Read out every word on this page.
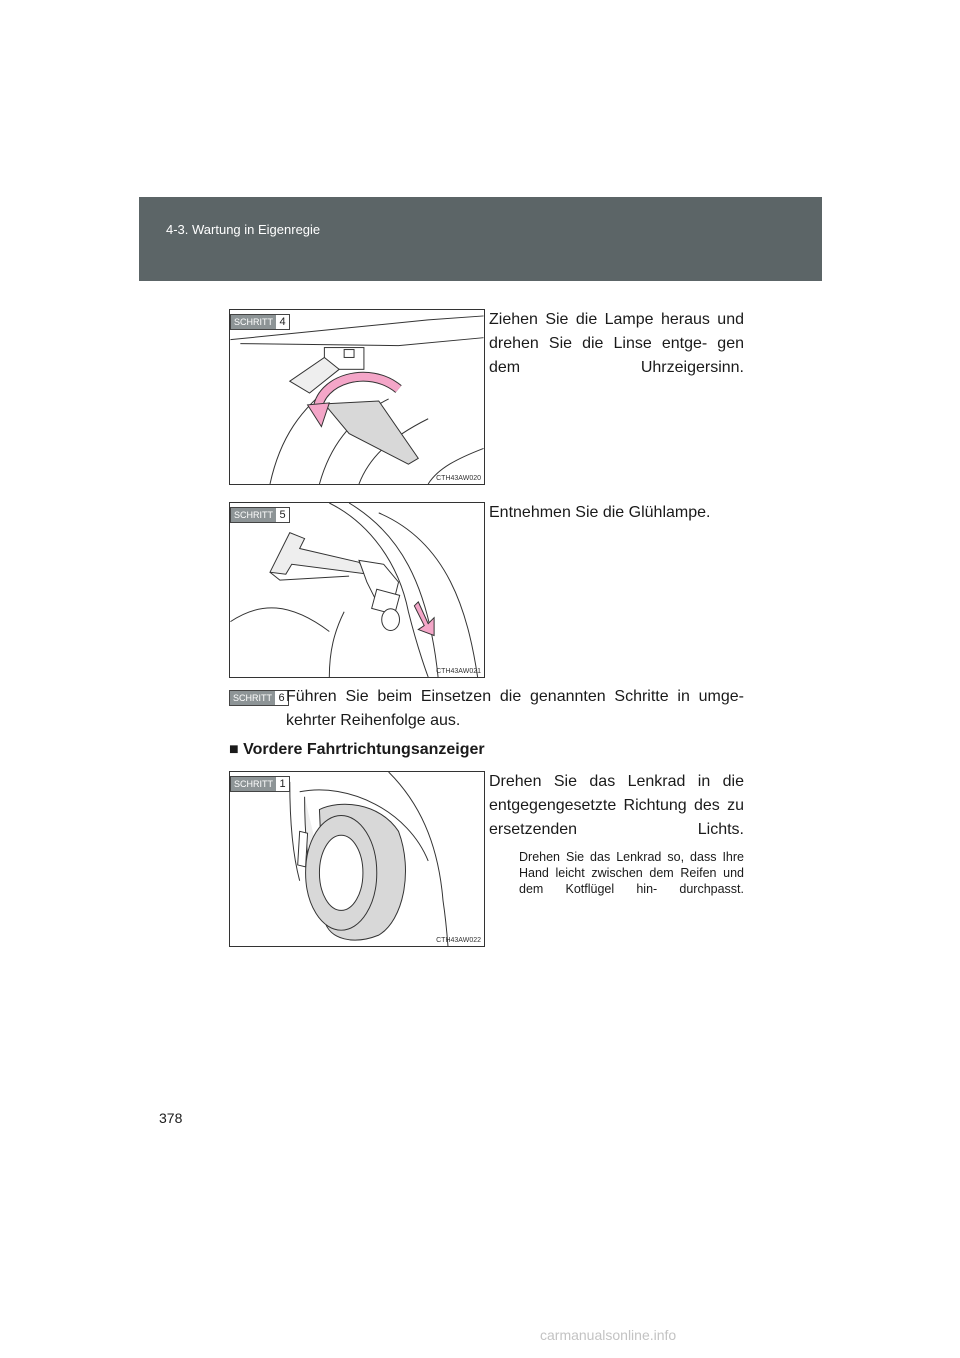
4-3. Wartung in Eigenregie
SCHRITT 4
CTH43AW020
Ziehen Sie die Lampe heraus und drehen Sie die Linse entge- gen dem Uhrzeigersinn.
SCHRITT 5
CTH43AW021
Entnehmen Sie die Glühlampe.
SCHRITT 6 Führen Sie beim Einsetzen die genannten Schritte in umge- kehrter Reihenfolge aus.
■ Vordere Fahrtrichtungsanzeiger
SCHRITT 1
CTH43AW022
Drehen Sie das Lenkrad in die entgegengesetzte Richtung des zu ersetzenden Lichts.
Drehen Sie das Lenkrad so, dass Ihre Hand leicht zwischen dem Reifen und dem Kotflügel hin- durchpasst.
378
carmanualsonline.info
